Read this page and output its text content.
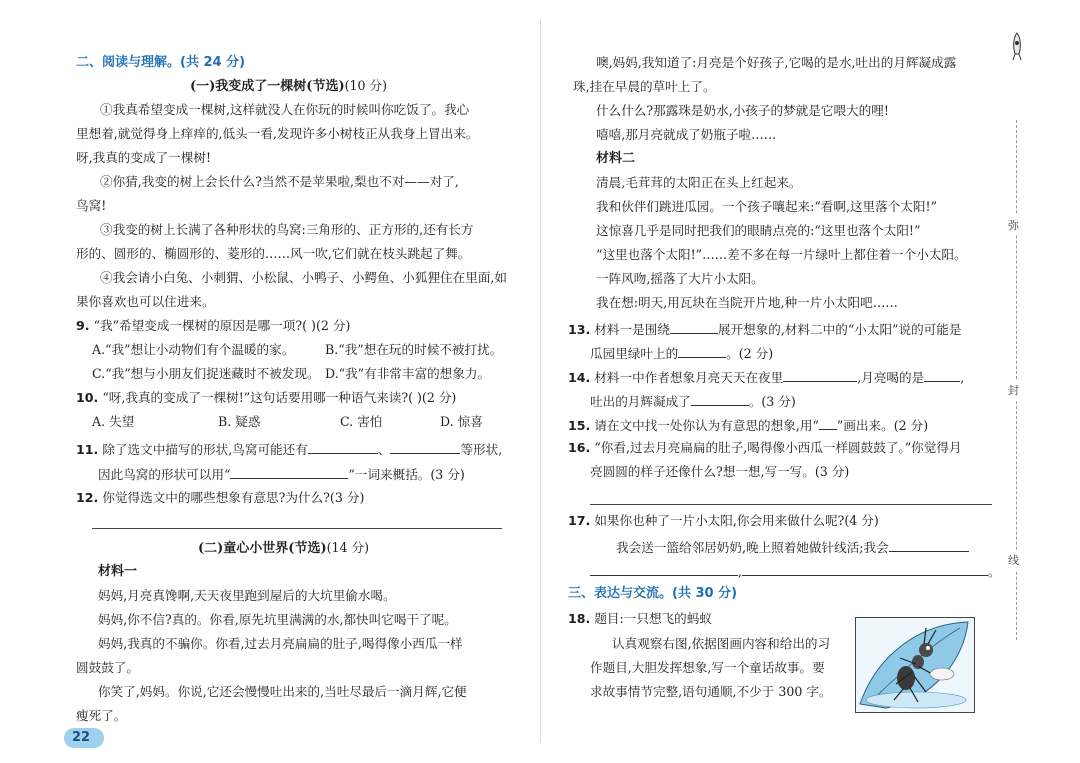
二、阅读与理解。(共 24 分)
(一)我变成了一棵树(节选)(10 分)
①我真希望变成一棵树,这样就没人在你玩的时候叫你吃饭了。我心
里想着,就觉得身上痒痒的,低头一看,发现许多小树枝正从我身上冒出来。
呀,我真的变成了一棵树!
②你猜,我变的树上会长什么?当然不是苹果啦,梨也不对——对了,
鸟窝!
③我变的树上长满了各种形状的鸟窝:三角形的、正方形的,还有长方
形的、圆形的、椭圆形的、菱形的……风一吹,它们就在枝头跳起了舞。
④我会请小白兔、小刺猬、小松鼠、小鸭子、小鳄鱼、小狐狸住在里面,如
果你喜欢也可以住进来。
9. “我”希望变成一棵树的原因是哪一项?( )(2 分)
A.“我”想让小动物们有个温暖的家。 B.“我”想在玩的时候不被打扰。
C.“我”想与小朋友们捉迷藏时不被发现。 D.“我”有非常丰富的想象力。
10. “呀,我真的变成了一棵树!”这句话要用哪一种语气来读?( )(2 分)
A. 失望	B. 疑惑	C. 害怕	D. 惊喜
11. 除了选文中描写的形状,鸟窝可能还有	、	等形状,
因此鸟窝的形状可以用“	”一词来概括。(3 分)
12. 你觉得选文中的哪些想象有意思?为什么?(3 分)
(二)童心小世界(节选)(14 分)
材料一
妈妈,月亮真馋啊,天天夜里跑到屋后的大坑里偷水喝。
妈妈,你不信?真的。你看,原先坑里满满的水,都快叫它喝干了呢。
妈妈,我真的不骗你。你看,过去月亮扁扁的肚子,喝得像小西瓜一样
圆鼓鼓了。
你笑了,妈妈。你说,它还会慢慢吐出来的,当吐尽最后一滴月辉,它便
瘦死了。
22
噢,妈妈,我知道了:月亮是个好孩子,它喝的是水,吐出的月辉凝成露
珠,挂在早晨的草叶上了。
什么什么?那露珠是奶水,小孩子的梦就是它喂大的哩!
嘻嘻,那月亮就成了奶瓶子啦……
材料二
清晨,毛茸茸的太阳正在头上红起来。
我和伙伴们跳进瓜园。一个孩子嚷起来:“看啊,这里落个太阳!”
这惊喜几乎是同时把我们的眼睛点亮的:“这里也落个太阳!”
“这里也落个太阳!”……差不多在每一片绿叶上都住着一个小太阳。
一阵风吻,摇落了大片小太阳。
我在想:明天,用瓦块在当院开片地,种一片小太阳吧……
13. 材料一是围绕	展开想象的,材料二中的“小太阳”说的可能是
瓜园里绿叶上的	。(2 分)
14. 材料一中作者想象月亮天天在夜里	,月亮喝的是	,
吐出的月辉凝成了	。(3 分)
15. 请在文中找一处你认为有意思的想象,用“ ”画出来。(2 分)
16. “你看,过去月亮扁扁的肚子,喝得像小西瓜一样圆鼓鼓了。”你觉得月
亮圆圆的样子还像什么?想一想,写一写。(3 分)
17. 如果你也种了一片小太阳,你会用来做什么呢?(4 分)
我会送一篮给邻居奶奶,晚上照着她做针线活;我会
,	。
三、表达与交流。(共 30 分)
18. 题目:一只想飞的蚂蚁
认真观察右图,依据图画内容和给出的习
作题目,大胆发挥想象,写一个童话故事。要
求故事情节完整,语句通顺,不少于 300 字。
弥
封
线
